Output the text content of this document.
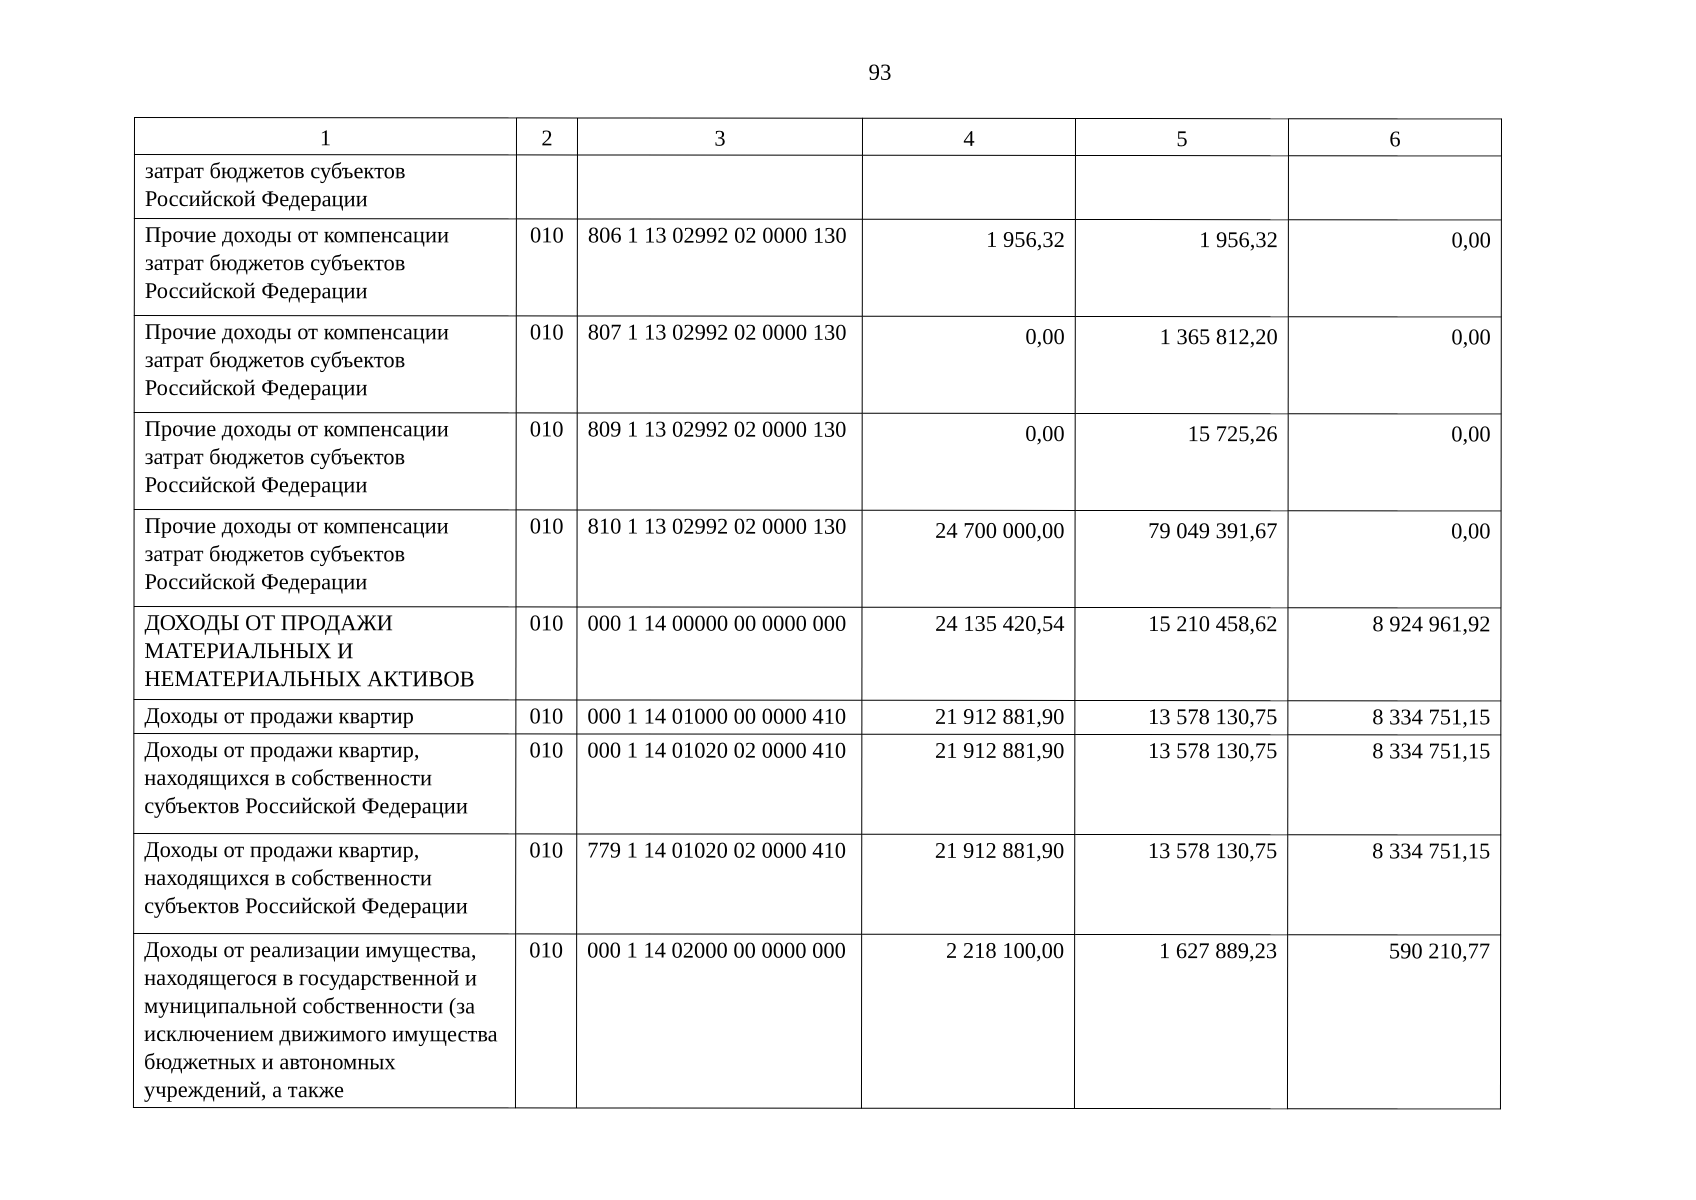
93
1	2	3	4	5	6
затрат бюджетов субъектов Российской Федерации					
Прочие доходы от компенсации затрат бюджетов субъектов Российской Федерации	010	806 1 13 02992 02 0000 130	1 956,32	1 956,32	0,00
Прочие доходы от компенсации затрат бюджетов субъектов Российской Федерации	010	807 1 13 02992 02 0000 130	0,00	1 365 812,20	0,00
Прочие доходы от компенсации затрат бюджетов субъектов Российской Федерации	010	809 1 13 02992 02 0000 130	0,00	15 725,26	0,00
Прочие доходы от компенсации затрат бюджетов субъектов Российской Федерации	010	810 1 13 02992 02 0000 130	24 700 000,00	79 049 391,67	0,00
ДОХОДЫ ОТ ПРОДАЖИ МАТЕРИАЛЬНЫХ И НЕМАТЕРИАЛЬНЫХ АКТИВОВ	010	000 1 14 00000 00 0000 000	24 135 420,54	15 210 458,62	8 924 961,92
Доходы от продажи квартир	010	000 1 14 01000 00 0000 410	21 912 881,90	13 578 130,75	8 334 751,15
Доходы от продажи квартир, находящихся в собственности субъектов Российской Федерации	010	000 1 14 01020 02 0000 410	21 912 881,90	13 578 130,75	8 334 751,15
Доходы от продажи квартир, находящихся в собственности субъектов Российской Федерации	010	779 1 14 01020 02 0000 410	21 912 881,90	13 578 130,75	8 334 751,15
Доходы от реализации имущества, находящегося в государственной и муниципальной собственности (за исключением движимого имущества бюджетных и автономных учреждений, а также	010	000 1 14 02000 00 0000 000	2 218 100,00	1 627 889,23	590 210,77
